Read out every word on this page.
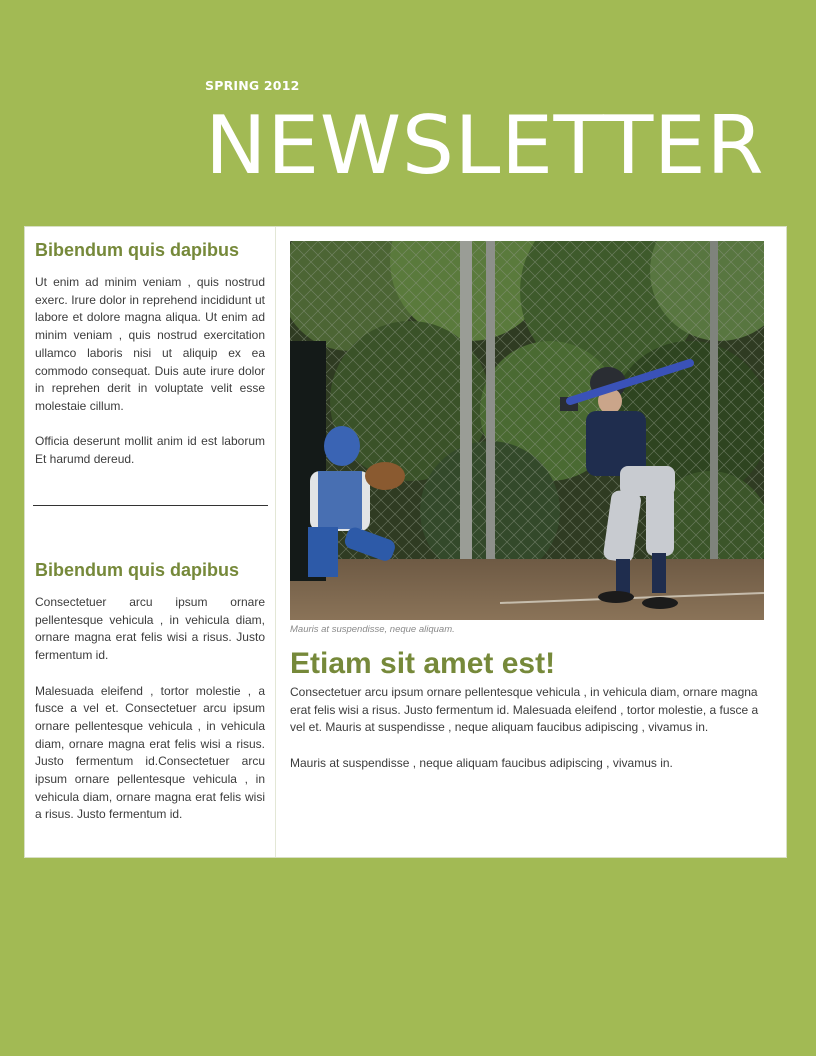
SPRING 2012
NEWSLETTER
Bibendum quis dapibus

Ut enim ad minim veniam , quis nostrud exerc. Irure dolor in reprehend incididunt ut labore et dolore magna aliqua. Ut enim ad minim veniam , quis nostrud exercitation ullamco laboris nisi ut aliquip ex ea commodo consequat. Duis aute irure dolor in reprehen derit in voluptate velit esse molestaie cillum.

Officia deserunt mollit anim id est laborum Et harumd dereud.

Bibendum quis dapibus

Consectetuer arcu ipsum ornare pellentesque vehicula , in vehicula diam, ornare magna erat felis wisi a risus. Justo fermentum id.

Malesuada eleifend , tortor molestie , a fusce a vel et. Consectetuer arcu ipsum ornare pellentesque vehicula , in vehicula diam, ornare magna erat felis wisi a risus. Justo fermentum id.Consectetuer arcu ipsum ornare pellentesque vehicula , in vehicula diam, ornare magna erat felis wisi a risus. Justo fermentum id.

Mauris at suspendisse, neque aliquam.
Etiam sit amet est!

Consectetuer arcu ipsum ornare pellentesque vehicula , in vehicula diam, ornare magna erat felis wisi a risus. Justo fermentum id. Malesuada eleifend , tortor molestie, a fusce a vel et. Mauris at suspendisse , neque aliquam faucibus adipiscing , vivamus in.

Mauris at suspendisse , neque aliquam faucibus adipiscing , vivamus in.
